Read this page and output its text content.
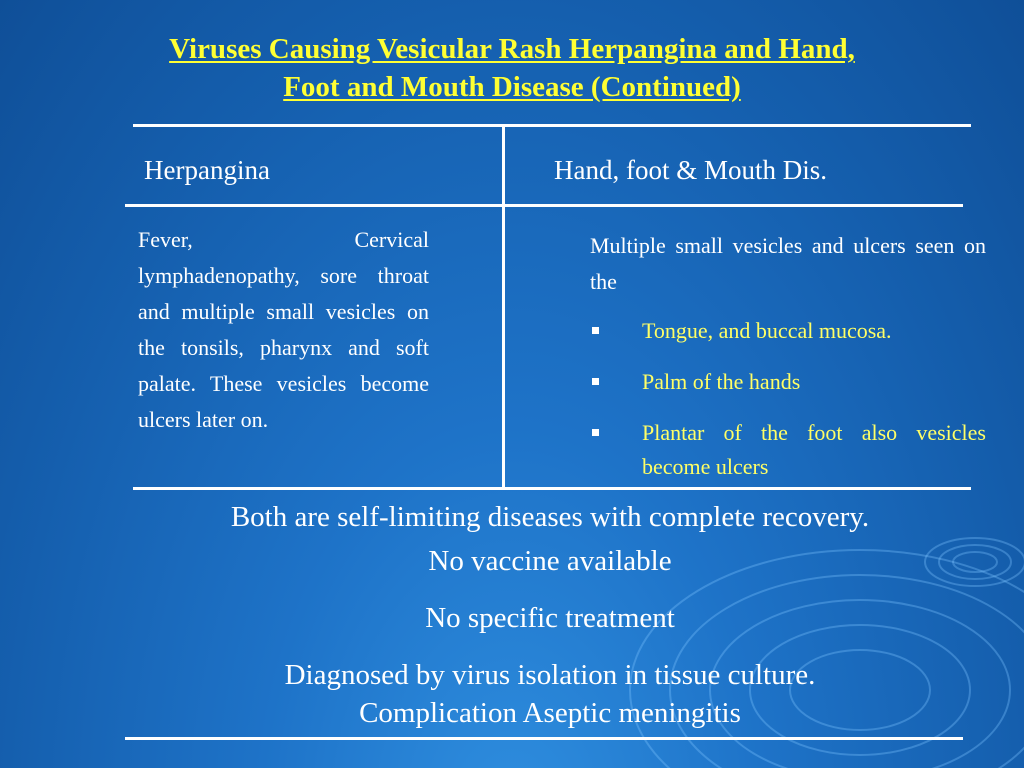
Viruses Causing Vesicular Rash Herpangina and Hand,
Foot and Mouth Disease (Continued)
Herpangina	Hand, foot & Mouth Dis.
Fever, Cervical lymphadenopathy, sore throat and multiple small vesicles on the tonsils, pharynx and soft palate. These vesicles become ulcers later on.
Multiple small vesicles and ulcers seen on the
Tongue, and buccal mucosa.
Palm of the hands
Plantar of the foot also vesicles become ulcers
Both are self-limiting diseases with complete recovery.
No vaccine available
No specific treatment
Diagnosed by virus isolation in tissue culture.
Complication Aseptic meningitis
